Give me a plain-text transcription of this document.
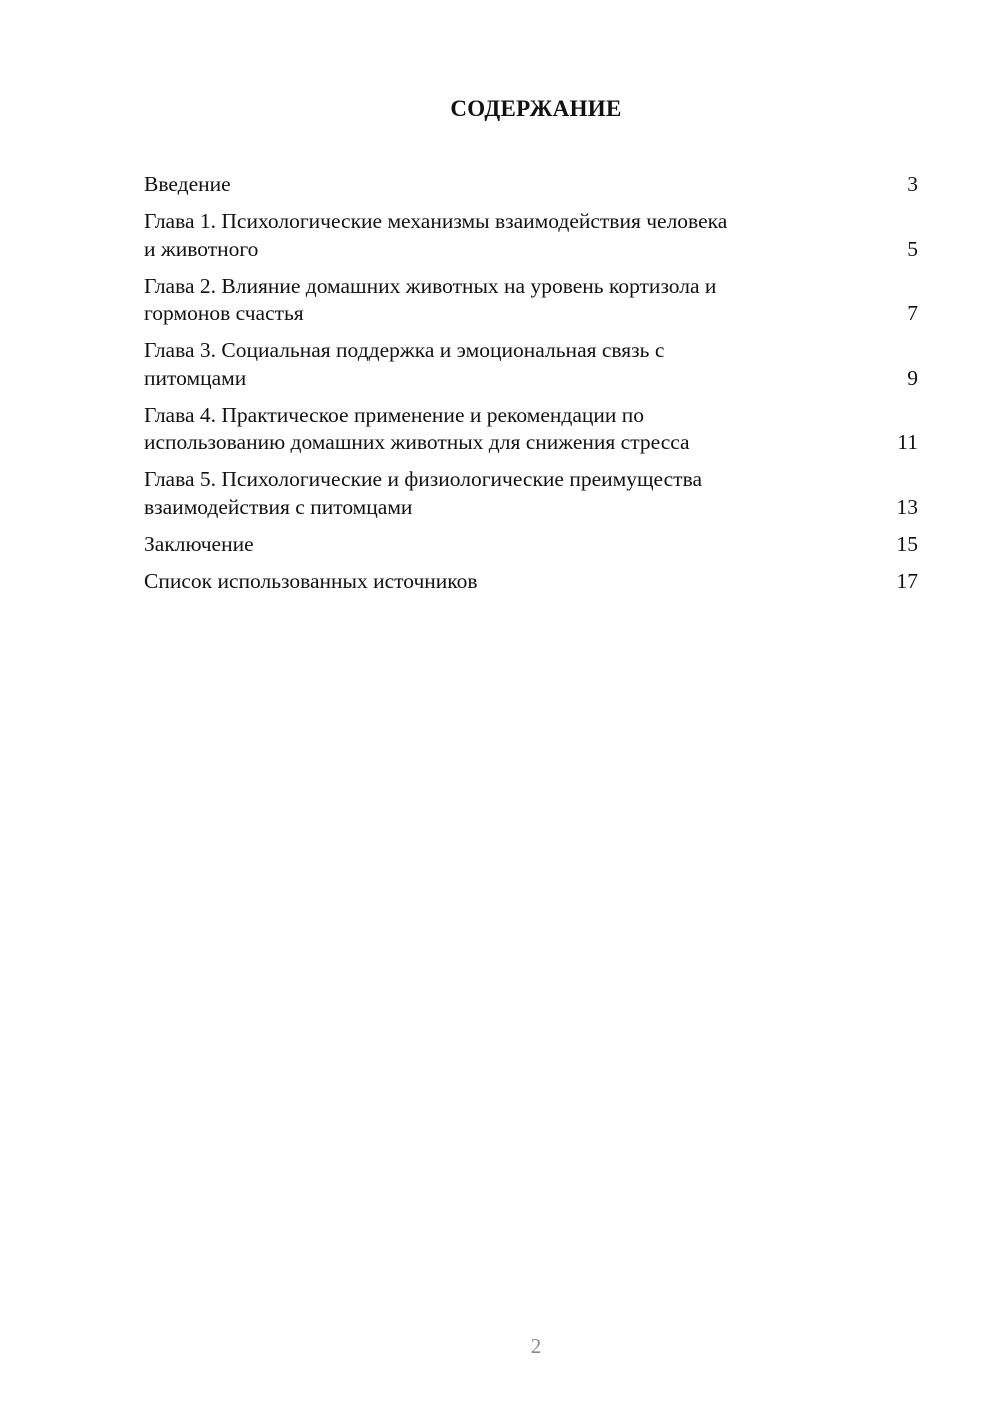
СОДЕРЖАНИЕ
Введение	3
Глава 1. Психологические механизмы взаимодействия человека
и животного	5
Глава 2. Влияние домашних животных на уровень кортизола и
гормонов счастья	7
Глава 3. Социальная поддержка и эмоциональная связь с
питомцами	9
Глава 4. Практическое применение и рекомендации по
использованию домашних животных для снижения стресса	11
Глава 5. Психологические и физиологические преимущества
взаимодействия с питомцами	13
Заключение	15
Список использованных источников	17
2
